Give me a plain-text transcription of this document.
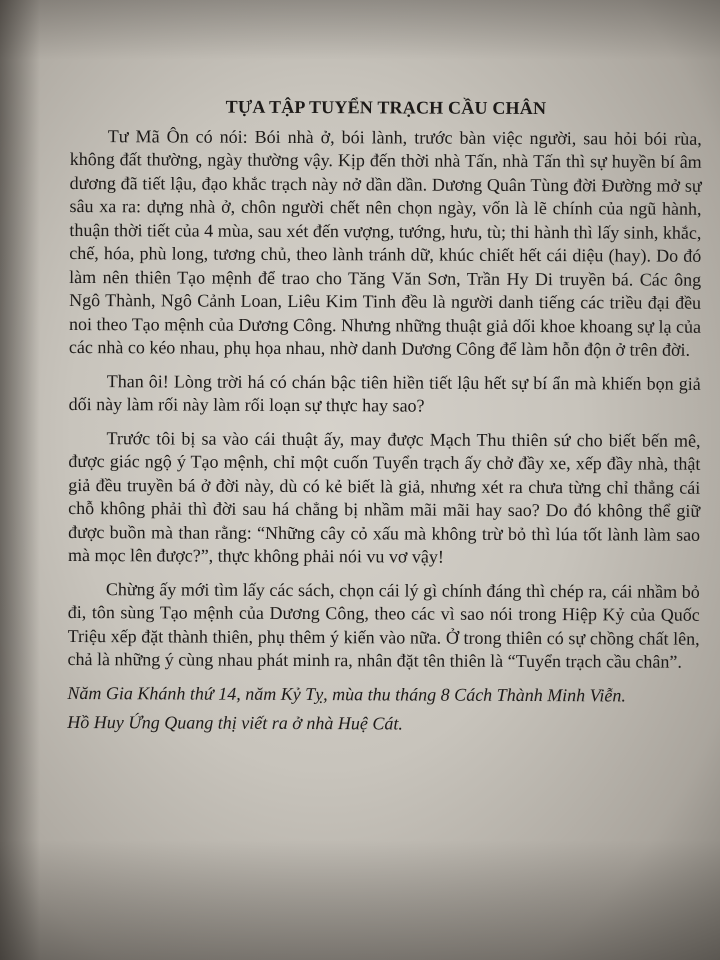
TỰA TẬP TUYỂN TRẠCH CẦU CHÂN

Tư Mã Ôn có nói: Bói nhà ở, bói lành, trước bàn việc người, sau hỏi bói rùa, không đất thường, ngày thường vậy. Kịp đến thời nhà Tấn, nhà Tấn thì sự huyền bí âm dương đã tiết lậu, đạo khắc trạch này nở dần dần. Dương Quân Tùng đời Đường mở sự sâu xa ra: dựng nhà ở, chôn người chết nên chọn ngày, vốn là lẽ chính của ngũ hành, thuận thời tiết của 4 mùa, sau xét đến vượng, tướng, hưu, tù; thi hành thì lấy sinh, khắc, chế, hóa, phù long, tương chủ, theo lành tránh dữ, khúc chiết hết cái diệu (hay). Do đó làm nên thiên Tạo mệnh để trao cho Tăng Văn Sơn, Trần Hy Di truyền bá. Các ông Ngô Thành, Ngô Cảnh Loan, Liêu Kim Tinh đều là người danh tiếng các triều đại đều noi theo Tạo mệnh của Dương Công. Nhưng những thuật giả dối khoe khoang sự lạ của các nhà co kéo nhau, phụ họa nhau, nhờ danh Dương Công để làm hỗn độn ở trên đời.

Than ôi! Lòng trời há có chán bậc tiên hiền tiết lậu hết sự bí ẩn mà khiến bọn giả dối này làm rối này làm rối loạn sự thực hay sao?

Trước tôi bị sa vào cái thuật ấy, may được Mạch Thu thiên sứ cho biết bến mê, được giác ngộ ý Tạo mệnh, chỉ một cuốn Tuyển trạch ấy chở đầy xe, xếp đầy nhà, thật giả đều truyền bá ở đời này, dù có kẻ biết là giả, nhưng xét ra chưa từng chỉ thẳng cái chỗ không phải thì đời sau há chẳng bị nhầm mãi mãi hay sao? Do đó không thể giữ được buồn mà than rằng: “Những cây cỏ xấu mà không trừ bỏ thì lúa tốt lành làm sao mà mọc lên được?”, thực không phải nói vu vơ vậy!

Chừng ấy mới tìm lấy các sách, chọn cái lý gì chính đáng thì chép ra, cái nhầm bỏ đi, tôn sùng Tạo mệnh của Dương Công, theo các vì sao nói trong Hiệp Kỷ của Quốc Triệu xếp đặt thành thiên, phụ thêm ý kiến vào nữa. Ở trong thiên có sự chồng chất lên, chả là những ý cùng nhau phát minh ra, nhân đặt tên thiên là “Tuyển trạch cầu chân”.

Năm Gia Khánh thứ 14, năm Kỷ Tỵ, mùa thu tháng 8 Cách Thành Minh Viễn.

Hồ Huy Ứng Quang thị viết ra ở nhà Huệ Cát.
